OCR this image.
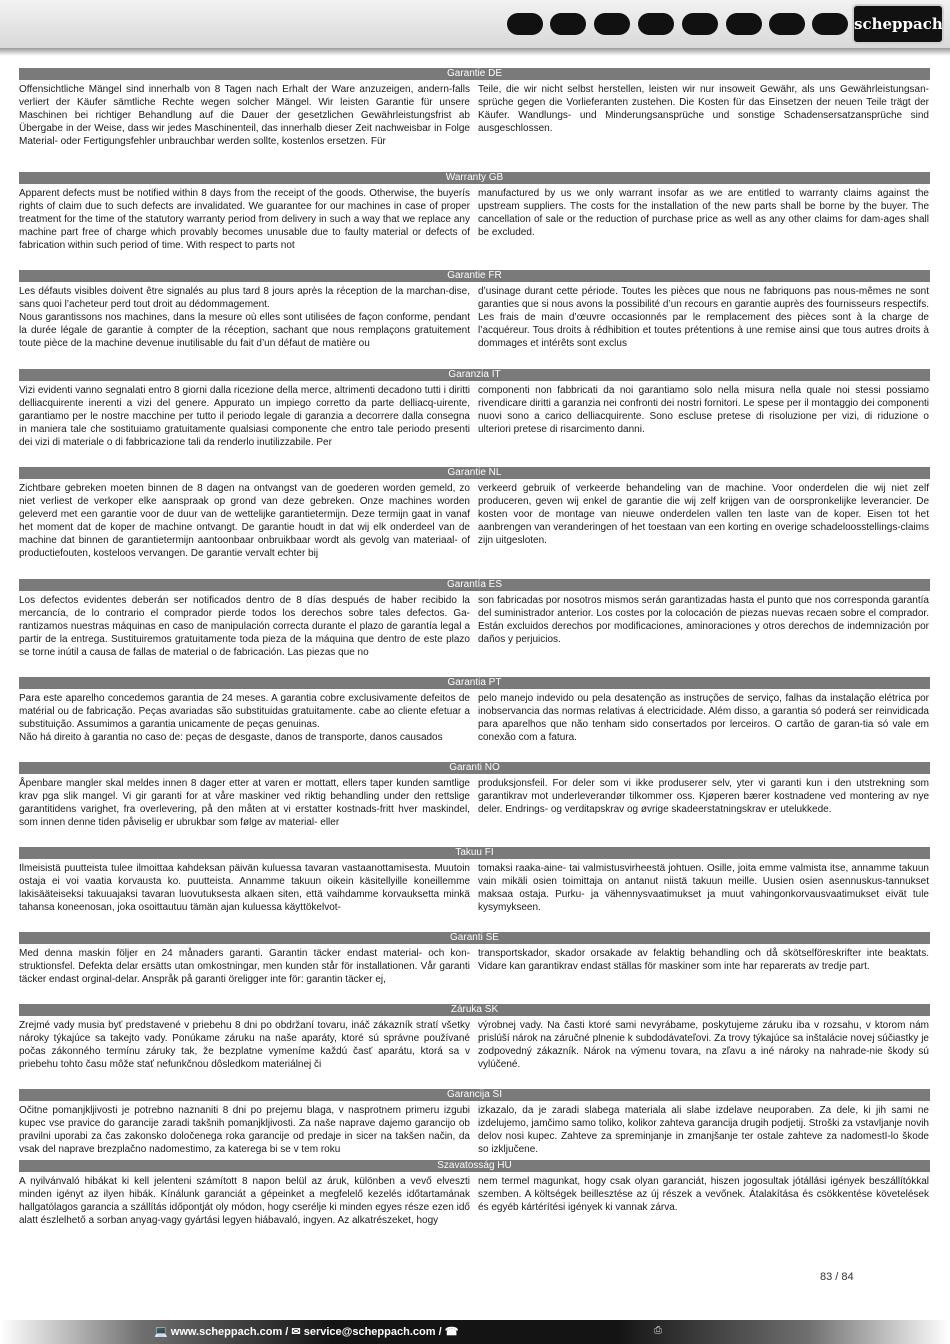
scheppach
Garantie DE

Offensichtliche Mängel sind innerhalb von 8 Tagen nach Erhalt der Ware anzuzeigen, andern-falls verliert der Käufer sämtliche Rechte wegen solcher Mängel. Wir leisten Garantie für unsere Maschinen bei richtiger Behandlung auf die Dauer der gesetzlichen Gewährleistungsfrist ab Übergabe in der Weise, dass wir jedes Maschinenteil, das innerhalb dieser Zeit nachweisbar in Folge Material- oder Fertigungsfehler unbrauchbar werden sollte, kostenlos ersetzen. Für

Teile, die wir nicht selbst herstellen, leisten wir nur insoweit Gewähr, als uns Gewährleistungsan-sprüche gegen die Vorlieferanten zustehen. Die Kosten für das Einsetzen der neuen Teile trägt der Käufer. Wandlungs- und Minderungsansprüche und sonstige Schadensersatzansprüche sind ausgeschlossen.

Warranty GB

Apparent defects must be notified within 8 days from the receipt of the goods. Otherwise, the buyerís rights of claim due to such defects are invalidated. We guarantee for our machines in case of proper treatment for the time of the statutory warranty period from delivery in such a way that we replace any machine part free of charge which provably becomes unusable due to faulty material or defects of fabrication within such period of time. With respect to parts not

manufactured by us we only warrant insofar as we are entitled to warranty claims against the upstream suppliers. The costs for the installation of the new parts shall be borne by the buyer. The cancellation of sale or the reduction of purchase price as well as any other claims for dam-ages shall be excluded.

Garantie FR

Les défauts visibles doivent être signalés au plus tard 8 jours après la réception de la marchan-dise, sans quoi l’acheteur perd tout droit au dédommagement.

Nous garantissons nos machines, dans la mesure où elles sont utilisées de façon conforme, pendant la durée légale de garantie à compter de la réception, sachant que nous remplaçons gratuitement toute pièce de la machine devenue inutilisable du fait d’un défaut de matière ou

d’usinage durant cette période. Toutes les pièces que nous ne fabriquons pas nous-mêmes ne sont garanties que si nous avons la possibilité d’un recours en garantie auprès des fournisseurs respectifs. Les frais de main d’œuvre occasionnés par le remplacement des pièces sont à la charge de l’acquéreur. Tous droits à rédhibition et toutes prétentions à une remise ainsi que tous autres droits à dommages et intérêts sont exclus

Garanzia IT

Vizi evidenti vanno segnalati entro 8 giorni dalla ricezione della merce, altrimenti decadono tutti i diritti delliacquirente inerenti a vizi del genere. Appurato un impiego corretto da parte delliacq-uirente, garantiamo per le nostre macchine per tutto il periodo legale di garanzia a decorrere dalla consegna in maniera tale che sostituiamo gratuitamente qualsiasi componente che entro tale periodo presenti dei vizi di materiale o di fabbricazione tali da renderlo inutilizzabile. Per

componenti non fabbricati da noi garantiamo solo nella misura nella quale noi stessi possiamo rivendicare diritti a garanzia nei confronti dei nostri fornitori. Le spese per il montaggio dei componenti nuovi sono a carico delliacquirente. Sono escluse pretese di risoluzione per vizi, di riduzione o ulteriori pretese di risarcimento danni.

Garantie NL

Zichtbare gebreken moeten binnen de 8 dagen na ontvangst van de goederen worden gemeld, zo niet verliest de verkoper elke aanspraak op grond van deze gebreken. Onze machines worden geleverd met een garantie voor de duur van de wettelijke garantietermijn. Deze termijn gaat in vanaf het moment dat de koper de machine ontvangt. De garantie houdt in dat wij elk onderdeel van de machine dat binnen de garantietermijn aantoonbaar onbruikbaar wordt als gevolg van materiaal- of productiefouten, kosteloos vervangen. De garantie vervalt echter bij

verkeerd gebruik of verkeerde behandeling van de machine. Voor onderdelen die wij niet zelf produceren, geven wij enkel de garantie die wij zelf krijgen van de oorspronkelijke leverancier. De kosten voor de montage van nieuwe onderdelen vallen ten laste van de koper. Eisen tot het aanbrengen van veranderingen of het toestaan van een korting en overige schadeloosstellings-claims zijn uitgesloten.

Garantía ES

Los defectos evidentes deberán ser notificados dentro de 8 días después de haber recibido la mercancía, de lo contrario el comprador pierde todos los derechos sobre tales defectos. Ga-rantizamos nuestras máquinas en caso de manipulación correcta durante el plazo de garantía legal a partir de la entrega. Sustituiremos gratuitamente toda pieza de la máquina que dentro de este plazo se torne inútil a causa de fallas de material o de fabricación. Las piezas que no

son fabricadas por nosotros mismos serán garantizadas hasta el punto que nos corresponda garantía del suministrador anterior. Los costes por la colocación de piezas nuevas recaen sobre el comprador. Están excluidos derechos por modificaciones, aminoraciones y otros derechos de indemnización por daños y perjuicios.

Garantia PT

Para este aparelho concedemos garantia de 24 meses. A garantia cobre exclusivamente defeitos de matérial ou de fabricação. Peças avariadas são substituidas gratuitamente. cabe ao cliente efetuar a substituição. Assumimos a garantia unicamente de peças genuinas.

Não há direito à garantia no caso de: peças de desgaste, danos de transporte, danos causados

pelo manejo indevido ou pela desatenção as instruções de serviço, falhas da instalação elétrica por inobservancia das normas relativas á electricidade. Além disso, a garantia só poderá ser reinvidicada para aparelhos que não tenham sido consertados por lerceiros. O cartão de garan-tia só vale em conexão com a fatura.

Garanti NO

Åpenbare mangler skal meldes innen 8 dager etter at varen er mottatt, ellers taper kunden samtlige krav pga slik mangel. Vi gir garanti for at våre maskiner ved riktig behandling under den rettslige garantitidens varighet, fra overlevering, på den måten at vi erstatter kostnads-fritt hver maskindel, som innen denne tiden påviselig er ubrukbar som følge av material- eller

produksjonsfeil. For deler som vi ikke produserer selv, yter vi garanti kun i den utstrekning som garantikrav mot underleverandør tilkommer oss. Kjøperen bærer kostnadene ved montering av nye deler. Endrings- og verditapskrav og øvrige skadeerstatningskrav er utelukkede.

Takuu FI

Ilmeisistä puutteista tulee ilmoittaa kahdeksan päivän kuluessa tavaran vastaanottamisesta. Muutoin ostaja ei voi vaatia korvausta ko. puutteista. Annamme takuun oikein käsitellyille koneillemme lakisääteiseksi takuuajaksi tavaran luovutuksesta alkaen siten, että vaihdamme korvauksetta minkä tahansa koneenosan, joka osoittautuu tämän ajan kuluessa käyttökelvot-

tomaksi raaka-aine- tai valmistusvirheestä johtuen. Osille, joita emme valmista itse, annamme takuun vain mikäli osien toimittaja on antanut niistä takuun meille. Uusien osien asennuskus-tannukset maksaa ostaja. Purku- ja vähennysvaatimukset ja muut vahingonkorvausvaatimukset eivät tule kysymykseen.

Garanti SE

Med denna maskin följer en 24 månaders garanti. Garantin täcker endast material- och kon-struktionsfel. Defekta delar ersätts utan omkostningar, men kunden står för installationen. Vår garanti täcker endast orginal-delar. Anspråk på garanti öreligger inte för: garantin täcker ej,

transportskador, skador orsakade av felaktig behandling och då skötselföreskrifter inte beaktats. Vidare kan garantikrav endast ställas för maskiner som inte har reparerats av tredje part.

Záruka SK

Zrejmé vady musia byť predstavené v priebehu 8 dni po obdržaní tovaru, ináč zákazník stratí všetky nároky týkajúce sa takejto vady. Ponúkame záruku na naše aparáty, ktoré sú správne používané počas zákonného termínu záruky tak, že bezplatne vymeníme každú časť aparátu, ktorá sa v priebehu tohto času môže stať nefunkčnou dôsledkom materiálnej či

výrobnej vady. Na časti ktoré sami nevyrábame, poskytujeme záruku iba v rozsahu, v ktorom nám prislúší nárok na záručné plnenie k subdodávateľovi. Za trovy týkajúce sa inštalácie novej súčiastky je zodpovedný zákazník. Nárok na výmenu tovara, na zľavu a iné nároky na nahrade-nie škody sú vylúčené.

Garancija SI

Očitne pomanjkljivosti je potrebno naznaniti 8 dni po prejemu blaga, v nasprotnem primeru izgubi kupec vse pravice do garancije zaradi takšnih pomanjkljivosti. Za naše naprave dajemo garancijo ob pravilni uporabi za čas zakonsko določenega roka garancije od predaje in sicer na takšen način, da vsak del naprave brezplačno nadomestimo, za katerega bi se v tem roku

izkazalo, da je zaradi slabega materiala ali slabe izdelave neuporaben. Za dele, ki jih sami ne izdelujemo, jamčimo samo toliko, kolikor zahteva garancija drugih podjetij. Stroški za vstavljanje novih delov nosi kupec. Zahteve za spreminjanje in zmanjšanje ter ostale zahteve za nadomestI-lo škode so izključene.

Szavatosság HU

A nyilvánvaló hibákat ki kell jelenteni számított 8 napon belül az áruk, különben a vevő elveszti minden igényt az ilyen hibák. Kínálunk garanciát a gépeinket a megfelelő kezelés időtartamának hallgatólagos garancia a szállítás időpontját oly módon, hogy cserélje ki minden egyes része ezen idő alatt észlelhető a sorban anyag-vagy gyártási legyen hiábavaló, ingyen. Az alkatrészeket, hogy

nem termel magunkat, hogy csak olyan garanciát, hiszen jogosultak jótállási igények beszállítókkal szemben. A költségek beillesztése az új részek a vevőnek. Átalakítása és csökkentése követelések és egyéb kártérítési igények ki vannak zárva.

83 / 84
💻 www.scheppach.com / ✉ service@scheppach.com / ☎	⎙
